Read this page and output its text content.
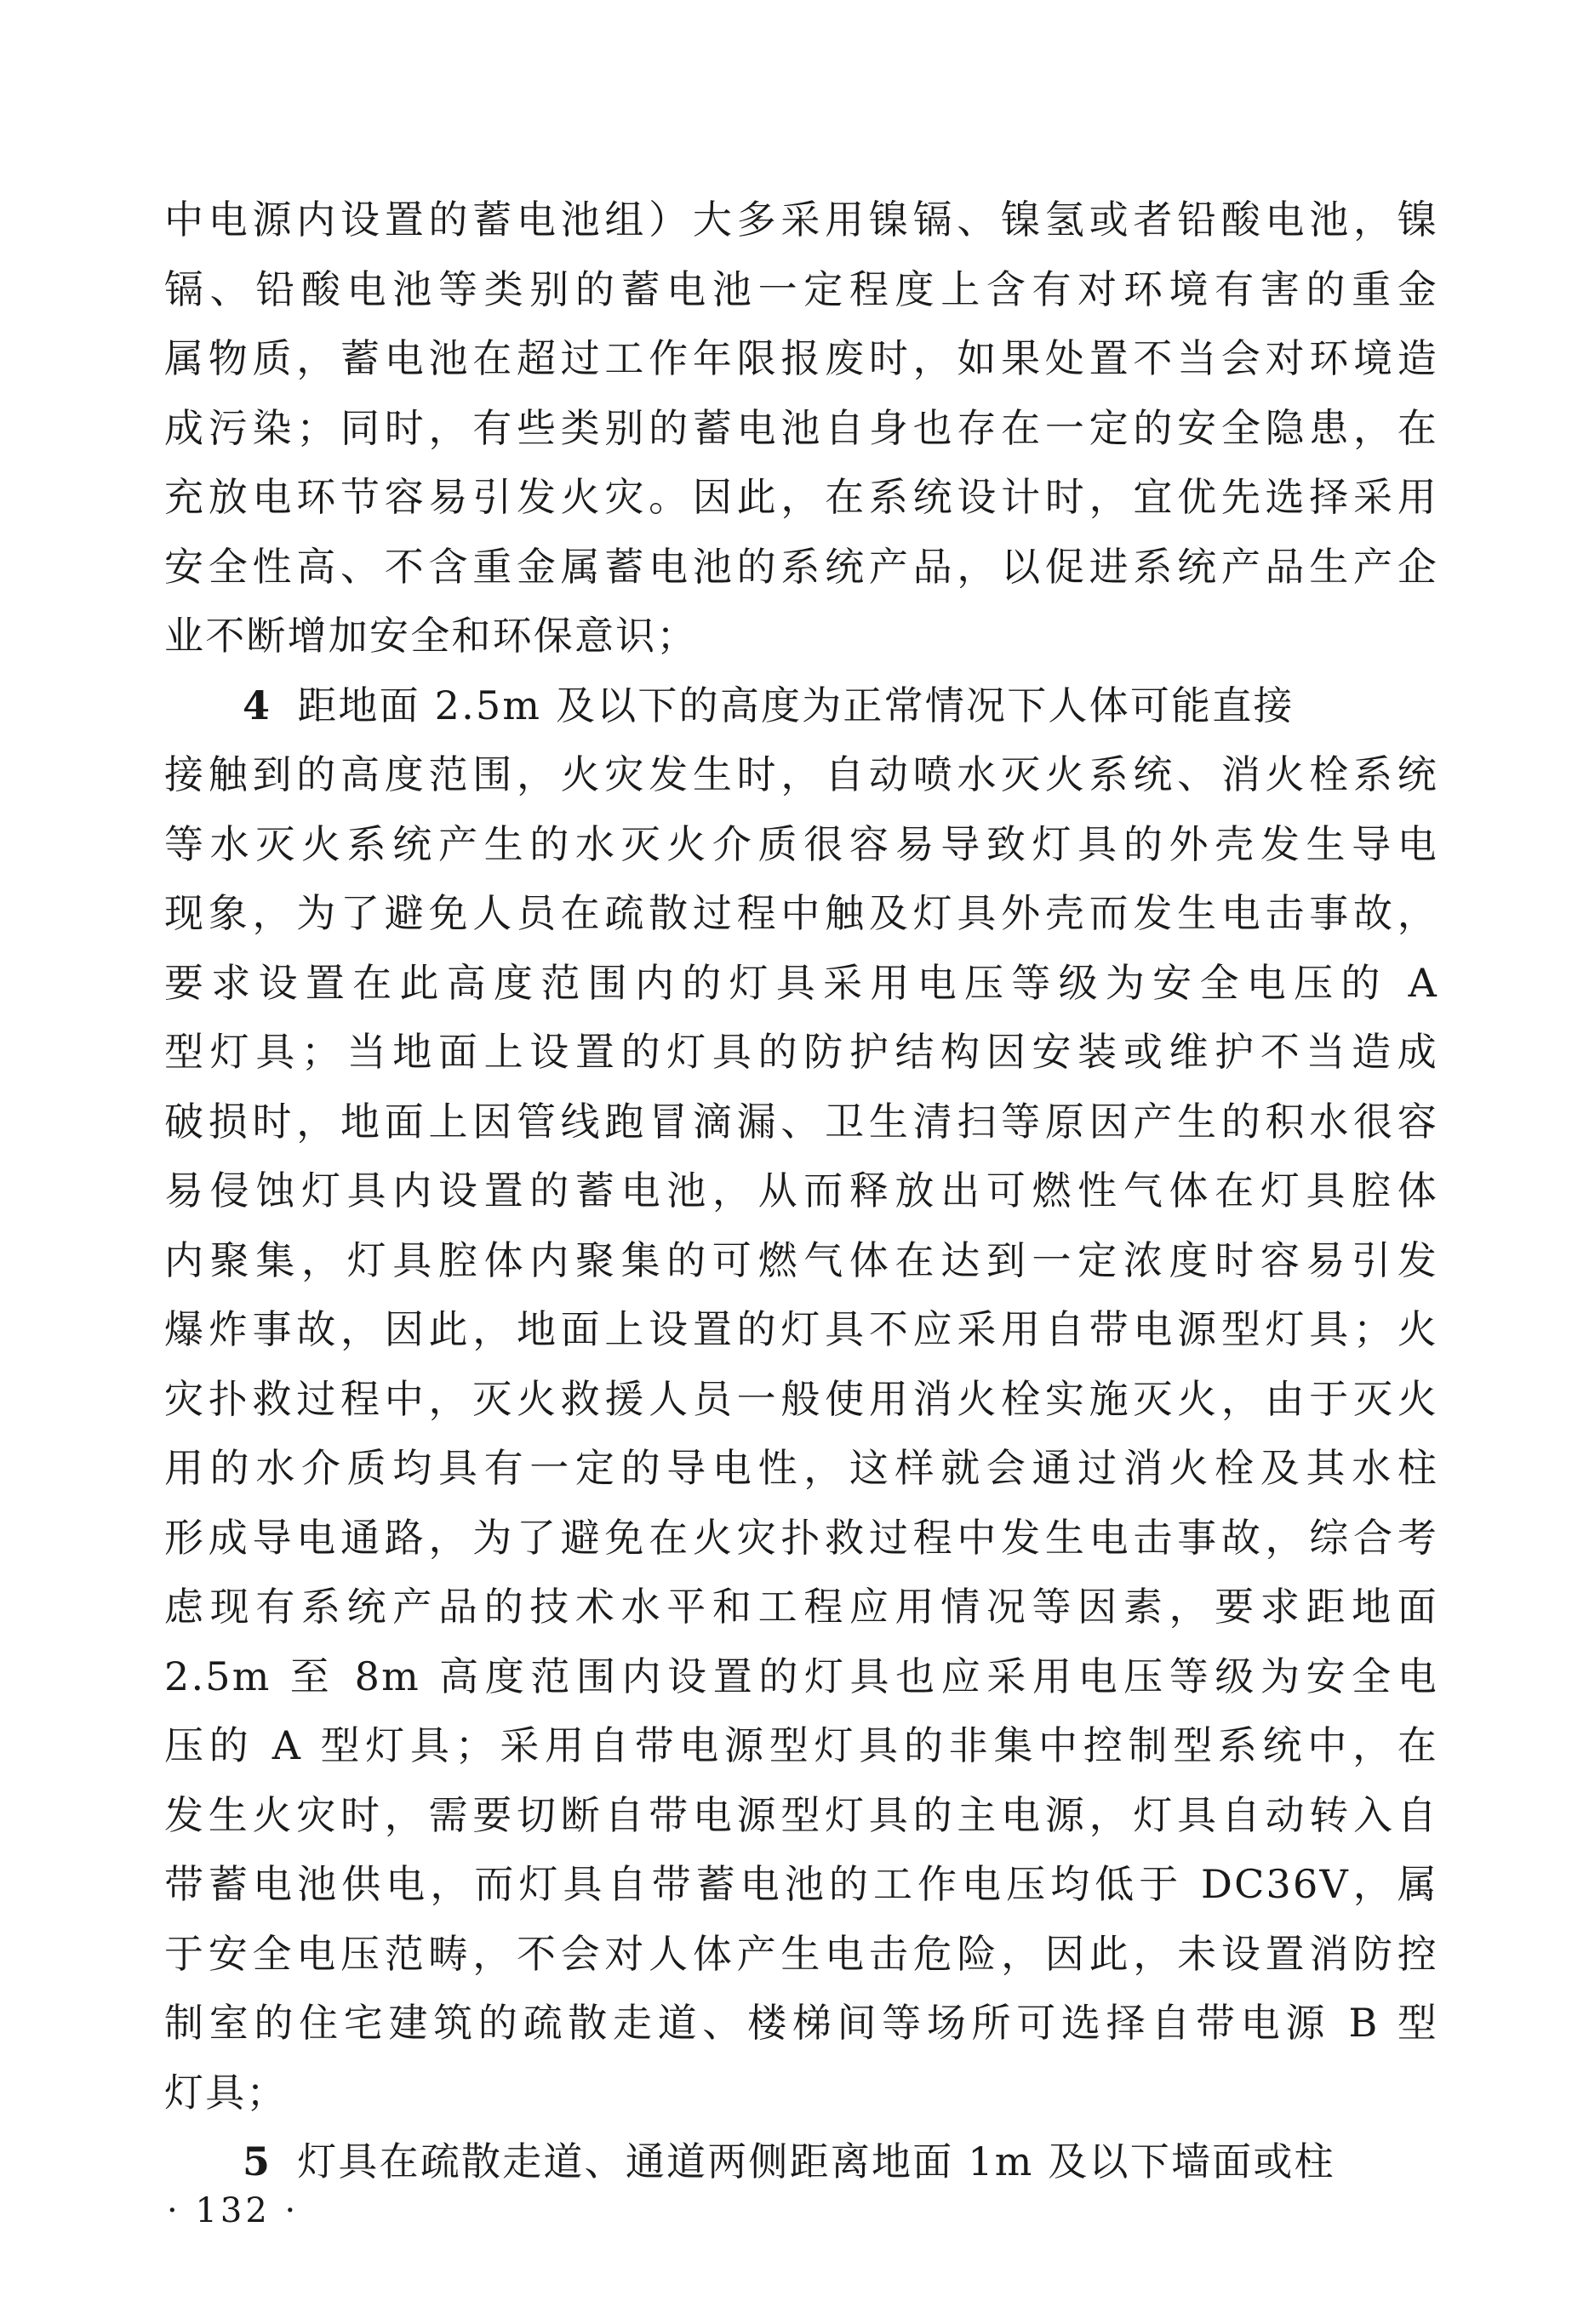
中电源内设置的蓄电池组）大多采用镍镉、镍氢或者铅酸电池，镍
镉、铅酸电池等类别的蓄电池一定程度上含有对环境有害的重金
属物质，蓄电池在超过工作年限报废时，如果处置不当会对环境造
成污染；同时，有些类别的蓄电池自身也存在一定的安全隐患，在
充放电环节容易引发火灾。因此，在系统设计时，宜优先选择采用
安全性高、不含重金属蓄电池的系统产品，以促进系统产品生产企
业不断增加安全和环保意识；
4 距地面 2.5m 及以下的高度为正常情况下人体可能直接
接触到的高度范围，火灾发生时，自动喷水灭火系统、消火栓系统
等水灭火系统产生的水灭火介质很容易导致灯具的外壳发生导电
现象，为了避免人员在疏散过程中触及灯具外壳而发生电击事故，
要求设置在此高度范围内的灯具采用电压等级为安全电压的 A
型灯具；当地面上设置的灯具的防护结构因安装或维护不当造成
破损时，地面上因管线跑冒滴漏、卫生清扫等原因产生的积水很容
易侵蚀灯具内设置的蓄电池，从而释放出可燃性气体在灯具腔体
内聚集，灯具腔体内聚集的可燃气体在达到一定浓度时容易引发
爆炸事故，因此，地面上设置的灯具不应采用自带电源型灯具；火
灾扑救过程中，灭火救援人员一般使用消火栓实施灭火，由于灭火
用的水介质均具有一定的导电性，这样就会通过消火栓及其水柱
形成导电通路，为了避免在火灾扑救过程中发生电击事故，综合考
虑现有系统产品的技术水平和工程应用情况等因素，要求距地面
2.5m 至 8m 高度范围内设置的灯具也应采用电压等级为安全电
压的 A 型灯具；采用自带电源型灯具的非集中控制型系统中，在
发生火灾时，需要切断自带电源型灯具的主电源，灯具自动转入自
带蓄电池供电，而灯具自带蓄电池的工作电压均低于 DC36V，属
于安全电压范畴，不会对人体产生电击危险，因此，未设置消防控
制室的住宅建筑的疏散走道、楼梯间等场所可选择自带电源 B 型
灯具；
5 灯具在疏散走道、通道两侧距离地面 1m 及以下墙面或柱
· 132 ·
